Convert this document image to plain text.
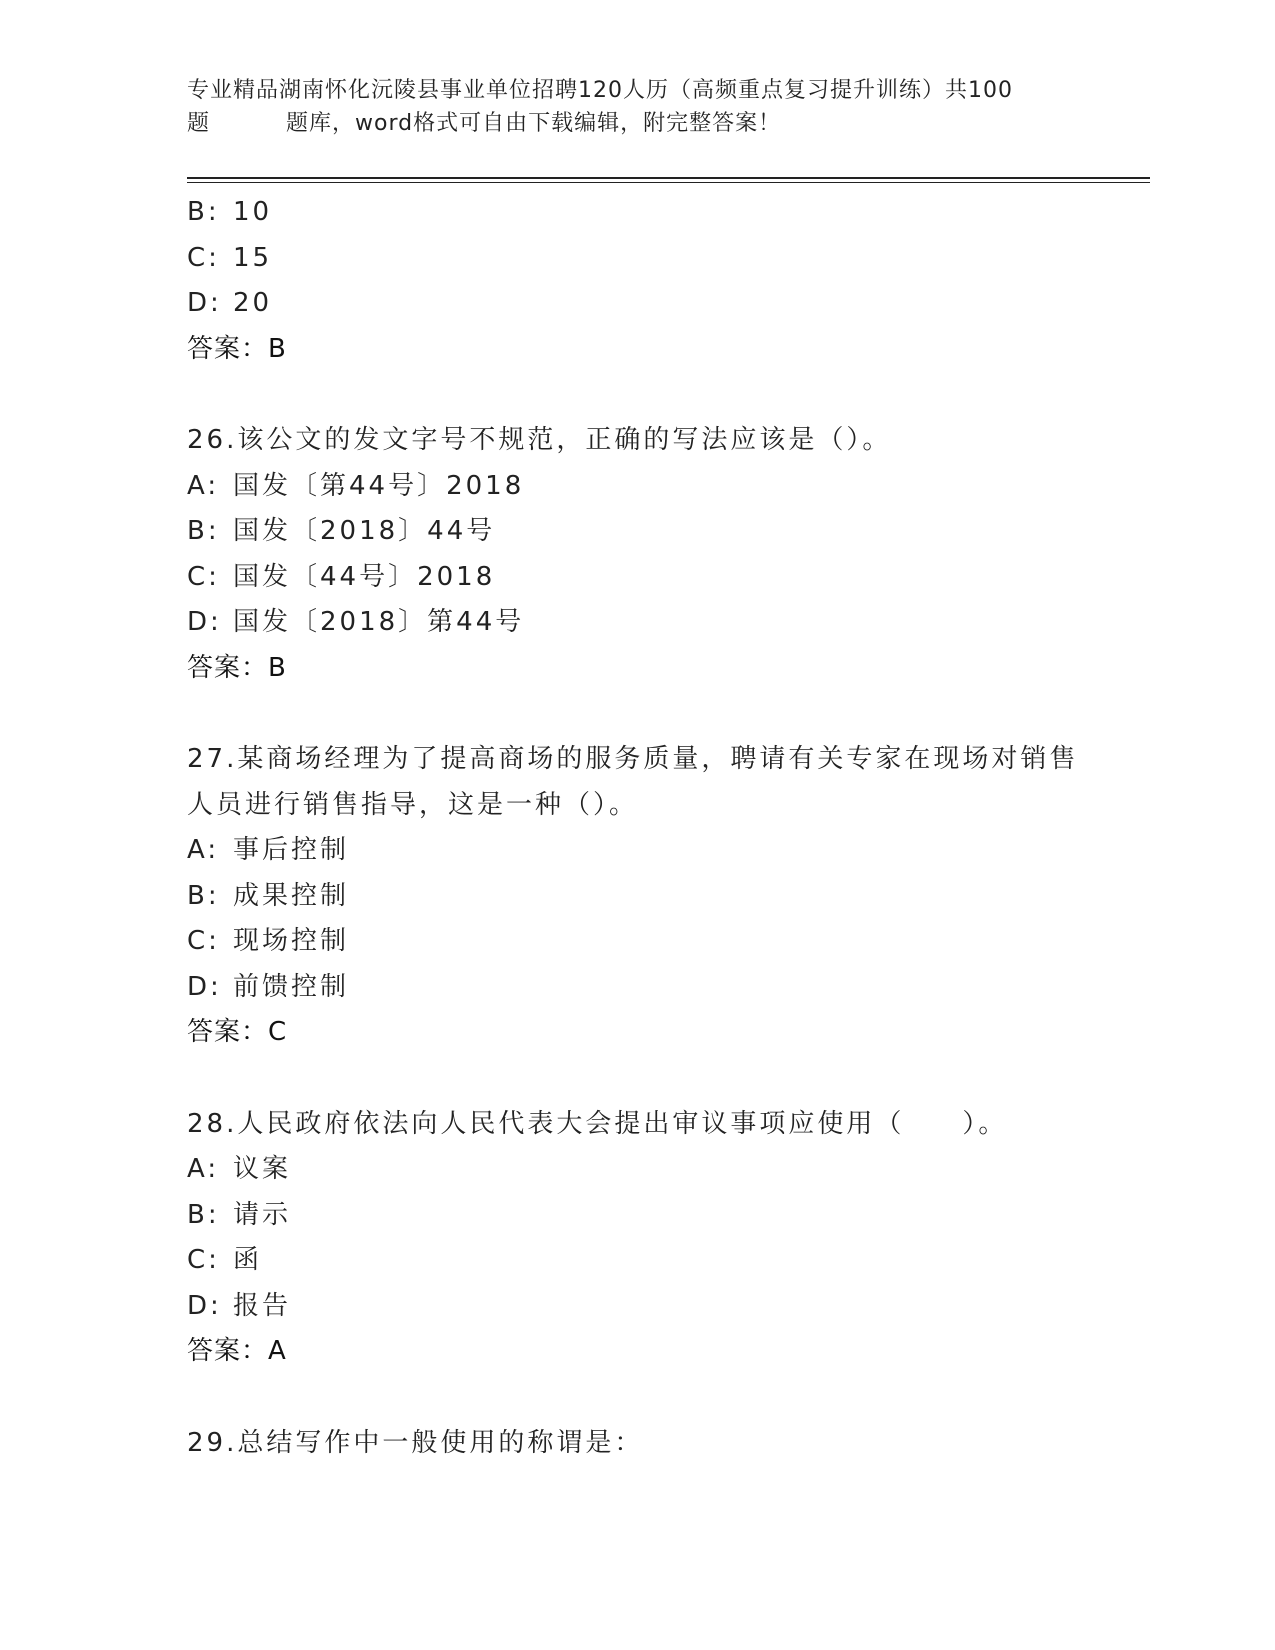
专业精品湖南怀化沅陵县事业单位招聘120人历（高频重点复习提升训练）共100
题	题库，word格式可自由下载编辑，附完整答案！
B: 10
C: 15
D: 20
答案：B
26.该公文的发文字号不规范，正确的写法应该是（）。
A: 国发〔第44号〕2018
B: 国发〔2018〕44号
C: 国发〔44号〕2018
D: 国发〔2018〕第44号
答案：B
27.某商场经理为了提高商场的服务质量，聘请有关专家在现场对销售
人员进行销售指导，这是一种（）。
A: 事后控制
B: 成果控制
C: 现场控制
D: 前馈控制
答案：C
28.人民政府依法向人民代表大会提出审议事项应使用（　　）。
A: 议案
B: 请示
C: 函
D: 报告
答案：A
29.总结写作中一般使用的称谓是：
